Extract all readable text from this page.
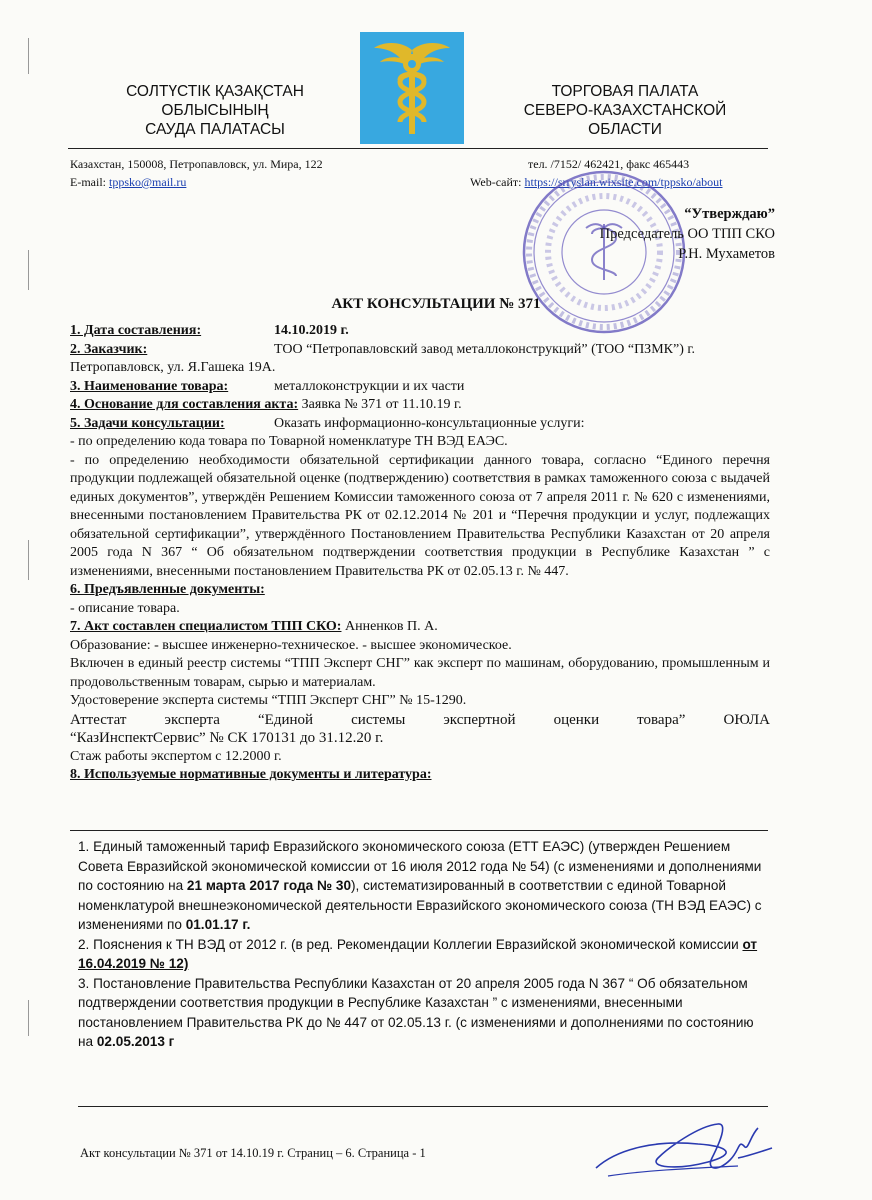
СОЛТҮСТІК ҚАЗАҚСТАН
ОБЛЫСЫНЫҢ
САУДА ПАЛАТАСЫ
ТОРГОВАЯ ПАЛАТА
СЕВЕРО-КАЗАХСТАНСКОЙ
ОБЛАСТИ
Казахстан, 150008, Петропавловск, ул. Мира, 122
E-mail: tppsko@mail.ru
тел. /7152/ 462421, факс 465443
Web-сайт: https://srryslan.wixsite.com/tppsko/about
“Утверждаю”
Председатель ОО ТПП СКО
Р.Н. Мухаметов
АКТ КОНСУЛЬТАЦИИ № 371
1. Дата составления:	14.10.2019 г.
2. Заказчик:	ТОО “Петропавловский завод металлоконструкций” (ТОО “ПЗМК”) г.
Петропавловск, ул. Я.Гашека 19А.
3. Наименование товара:	металлоконструкции и их части
4. Основание для составления акта: Заявка № 371 от 11.10.19 г.
5. Задачи консультации:	Оказать информационно-консультационные услуги:
- по определению кода товара по Товарной номенклатуре ТН ВЭД ЕАЭС.
- по определению необходимости обязательной сертификации данного товара, согласно “Единого перечня продукции подлежащей обязательной оценке (подтверждению) соответствия в рамках таможенного союза с выдачей единых документов”, утверждён Решением Комиссии таможенного союза от 7 апреля 2011 г. № 620 с изменениями, внесенными постановлением Правительства РК от 02.12.2014 № 201 и “Перечня продукции и услуг, подлежащих обязательной сертификации”, утверждённого Постановлением Правительства Республики Казахстан от 20 апреля 2005 года N 367 “ Об обязательном подтверждении соответствия продукции в Республике Казахстан ” с изменениями, внесенными постановлением Правительства РК от 02.05.13 г. № 447.
6. Предъявленные документы:
- описание товара.
7. Акт составлен специалистом ТПП СКО: Анненков П. А.
Образование: - высшее инженерно-техническое. - высшее экономическое.
Включен в единый реестр системы “ТПП Эксперт СНГ” как эксперт по машинам, оборудованию, промышленным и продовольственным товарам, сырью и материалам.
Удостоверение эксперта системы “ТПП Эксперт СНГ” № 15-1290.
Аттестат эксперта “Единой системы экспертной оценки товара” ОЮЛА
“КазИнспектСервис” № СК 170131 до 31.12.20 г.
Стаж работы экспертом с 12.2000 г.
8. Используемые нормативные документы и литература:
1. Единый таможенный тариф Евразийского экономического союза (ЕТТ ЕАЭС) (утвержден Решением Совета Евразийской экономической комиссии от 16 июля 2012 года № 54) (с изменениями и дополнениями по состоянию на 21 марта 2017 года № 30), систематизированный в соответствии с единой Товарной номенклатурой внешнеэкономической деятельности Евразийского экономического союза (ТН ВЭД ЕАЭС) с изменениями по 01.01.17 г.
2. Пояснения к ТН ВЭД от 2012 г. (в ред. Рекомендации Коллегии Евразийской экономической комиссии от 16.04.2019 № 12)
3. Постановление Правительства Республики Казахстан от 20 апреля 2005 года N 367 “ Об обязательном подтверждении соответствия продукции в Республике Казахстан ” с изменениями, внесенными постановлением Правительства РК до № 447 от 02.05.13 г. (с изменениями и дополнениями по состоянию на 02.05.2013 г
Акт консультации № 371 от 14.10.19 г. Страниц – 6. Страница - 1
